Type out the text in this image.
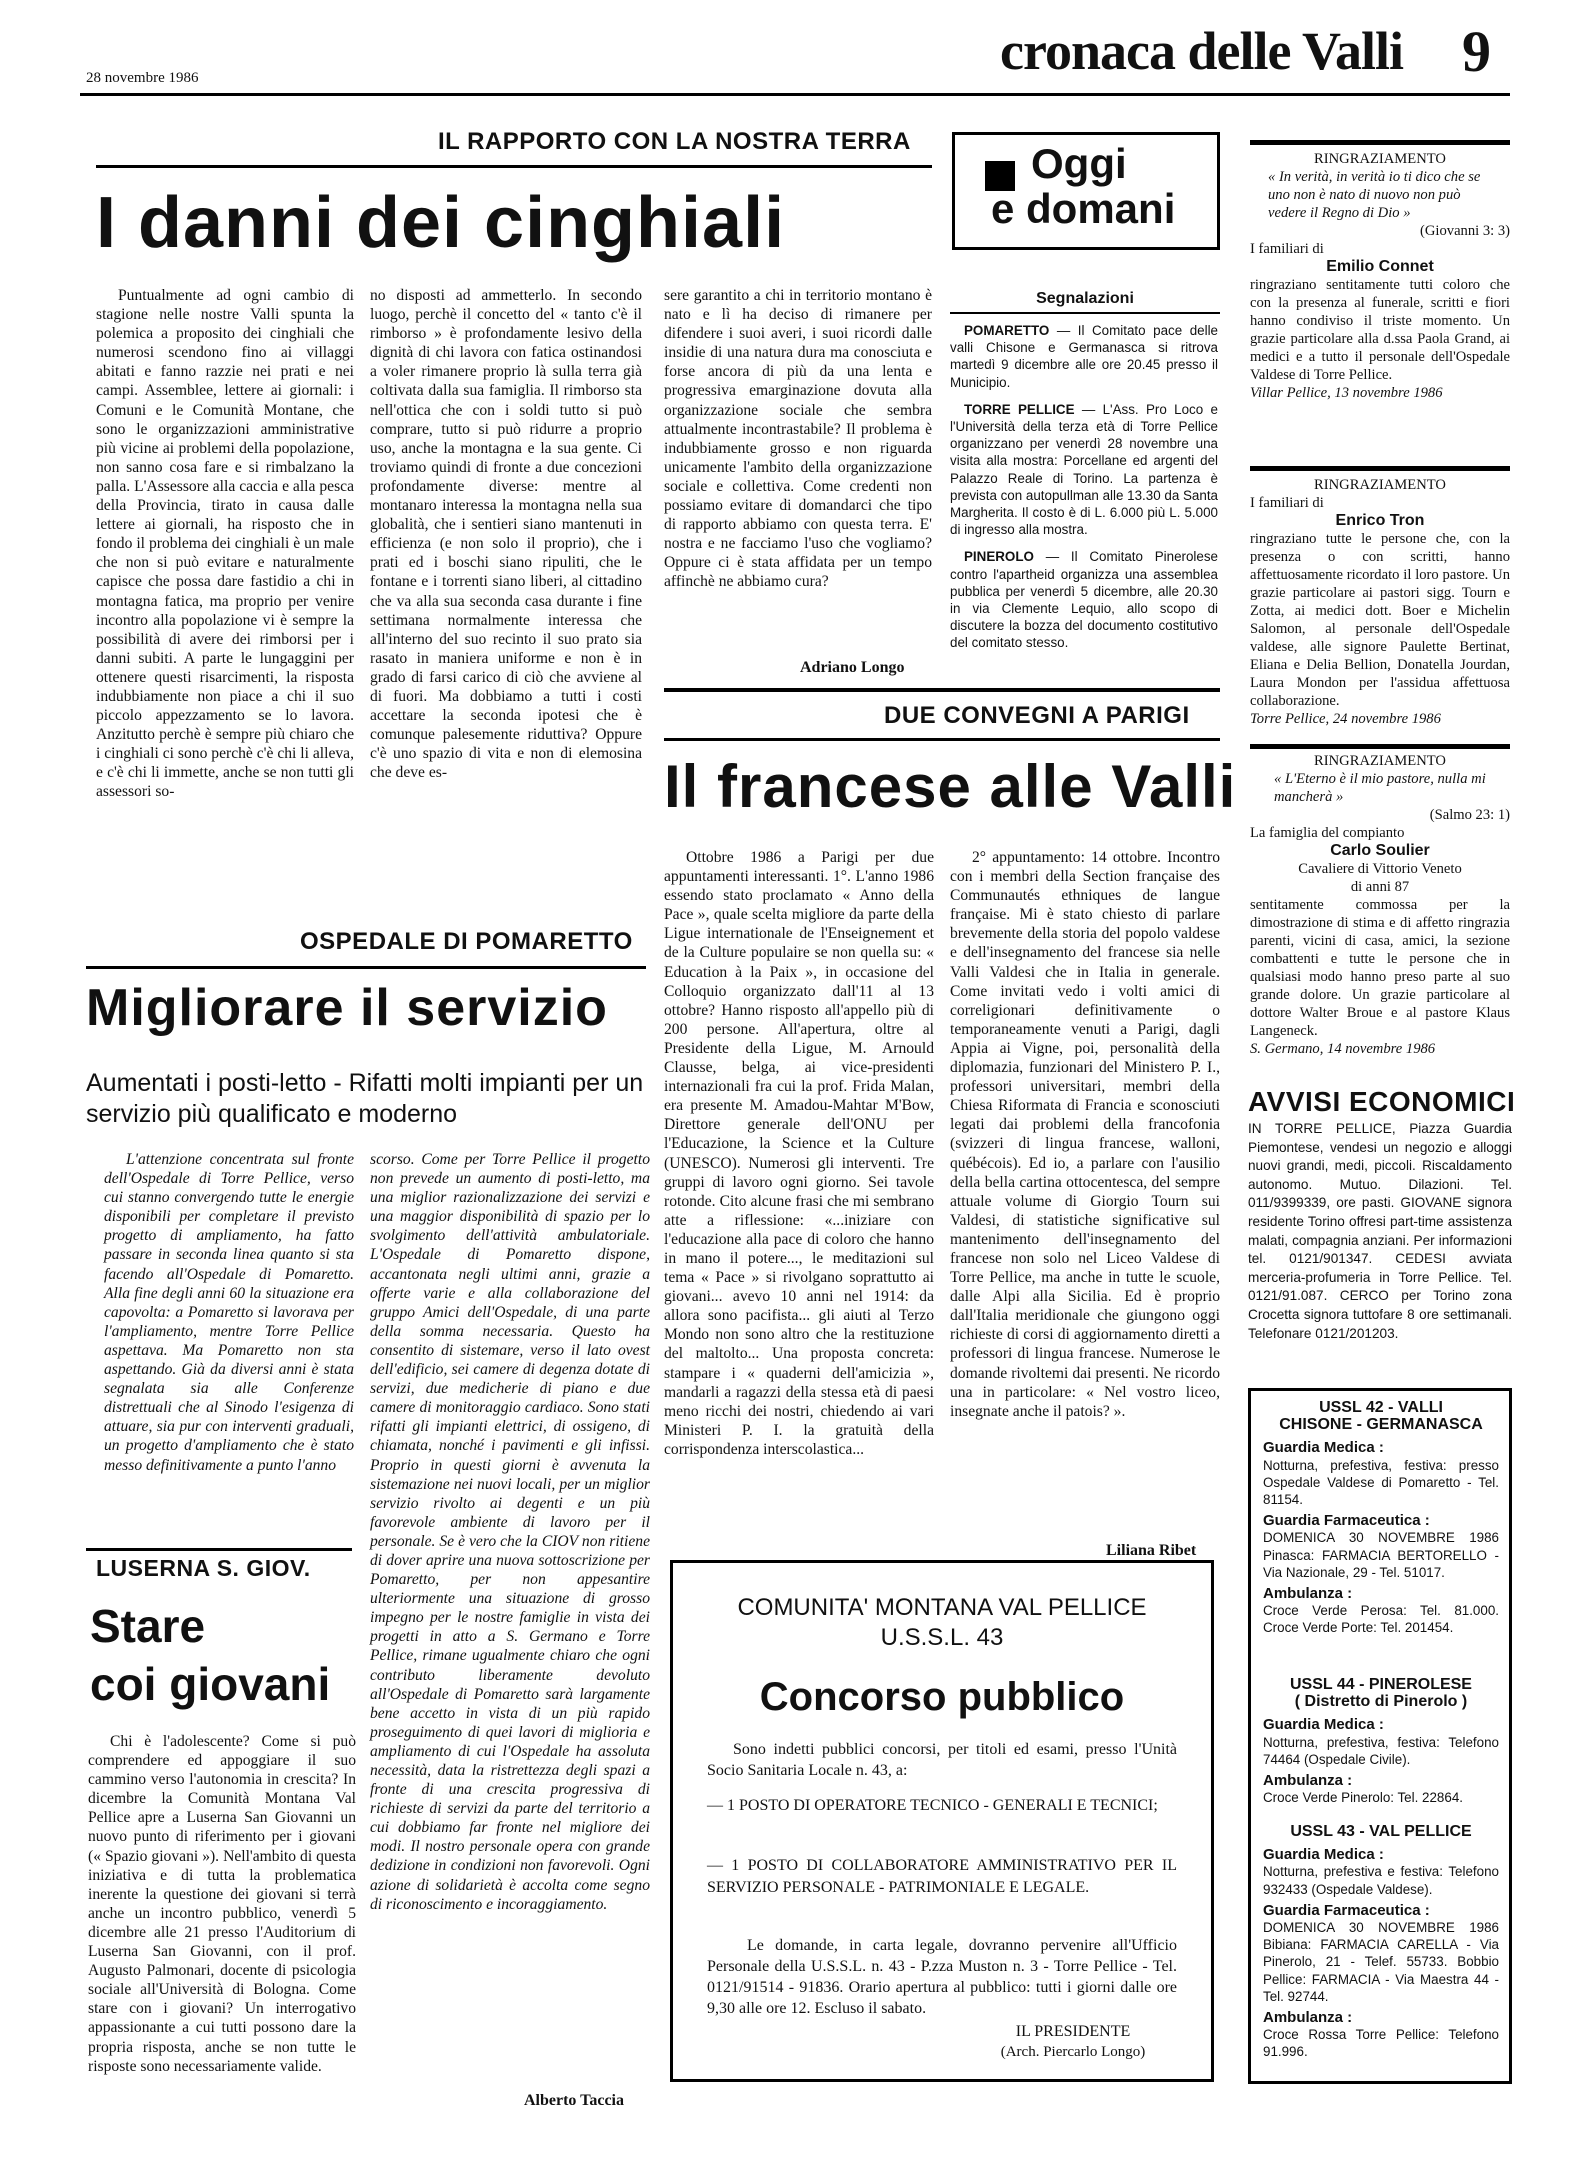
28 novembre 1986	cronaca delle Valli 9
IL RAPPORTO CON LA NOSTRA TERRA
I danni dei cinghiali

Puntualmente ad ogni cambio di stagione nelle nostre Valli spunta la polemica a proposito dei cinghiali che numerosi scendono fino ai villaggi abitati e fanno razzie nei prati e nei campi. Assemblee, lettere ai giornali: i Comuni e le Comunità Montane, che sono le organizzazioni amministrative più vicine ai problemi della popolazione, non sanno cosa fare e si rimbalzano la palla. L'Assessore alla caccia e alla pesca della Provincia, tirato in causa dalle lettere ai giornali, ha risposto che in fondo il problema dei cinghiali è un male che non si può evitare e naturalmente capisce che possa dare fastidio a chi in montagna fatica, ma proprio per venire incontro alla popolazione vi è sempre la possibilità di avere dei rimborsi per i danni subiti. A parte le lungaggini per ottenere questi risarcimenti, la risposta indubbiamente non piace a chi il suo piccolo appezzamento se lo lavora. Anzitutto perchè è sempre più chiaro che i cinghiali ci sono perchè c'è chi li alleva, e c'è chi li immette, anche se non tutti gli assessori so-

no disposti ad ammetterlo. In secondo luogo, perchè il concetto del « tanto c'è il rimborso » è profondamente lesivo della dignità di chi lavora con fatica ostinandosi a voler rimanere proprio là sulla terra già coltivata dalla sua famiglia. Il rimborso sta nell'ottica che con i soldi tutto si può comprare, tutto si può ridurre a proprio uso, anche la montagna e la sua gente. Ci troviamo quindi di fronte a due concezioni profondamente diverse: mentre al montanaro interessa la montagna nella sua globalità, che i sentieri siano mantenuti in efficienza (e non solo il proprio), che i prati ed i boschi siano ripuliti, che le fontane e i torrenti siano liberi, al cittadino che va alla sua seconda casa durante i fine settimana normalmente interessa che all'interno del suo recinto il suo prato sia rasato in maniera uniforme e non è in grado di farsi carico di ciò che avviene al di fuori. Ma dobbiamo a tutti i costi accettare la seconda ipotesi che è comunque palesemente riduttiva? Oppure c'è uno spazio di vita e non di elemosina che deve es-

sere garantito a chi in territorio montano è nato e lì ha deciso di rimanere per difendere i suoi averi, i suoi ricordi dalle insidie di una natura dura ma conosciuta e forse ancora di più da una lenta e progressiva emarginazione dovuta alla organizzazione sociale che sembra attualmente incontrastabile? Il problema è indubbiamente grosso e non riguarda unicamente l'ambito della organizzazione sociale e collettiva. Come credenti non possiamo evitare di domandarci che tipo di rapporto abbiamo con questa terra. E' nostra e ne facciamo l'uso che vogliamo? Oppure ci è stata affidata per un tempo affinchè ne abbiamo cura?

Adriano Longo
Oggi
e domani
Segnalazioni

POMARETTO — Il Comitato pace delle valli Chisone e Germanasca si ritrova martedì 9 dicembre alle ore 20.45 presso il Municipio.

TORRE PELLICE — L'Ass. Pro Loco e l'Università della terza età di Torre Pellice organizzano per venerdì 28 novembre una visita alla mostra: Porcellane ed argenti del Palazzo Reale di Torino. La partenza è prevista con autopullman alle 13.30 da Santa Margherita. Il costo è di L. 6.000 più L. 5.000 di ingresso alla mostra.

PINEROLO — Il Comitato Pinerolese contro l'apartheid organizza una assemblea pubblica per venerdì 5 dicembre, alle 20.30 in via Clemente Lequio, allo scopo di discutere la bozza del documento costitutivo del comitato stesso.

RINGRAZIAMENTO
« In verità, in verità io ti dico che se uno non è nato di nuovo non può vedere il Regno di Dio »
(Giovanni 3: 3)
I familiari di
Emilio Connet

ringraziano sentitamente tutti coloro che con la presenza al funerale, scritti e fiori hanno condiviso il triste momento. Un grazie particolare alla d.ssa Paola Grand, ai medici e a tutto il personale dell'Ospedale Valdese di Torre Pellice.

Villar Pellice, 13 novembre 1986
RINGRAZIAMENTO
I familiari di
Enrico Tron

ringraziano tutte le persone che, con la presenza o con scritti, hanno affettuosamente ricordato il loro pastore. Un grazie particolare ai pastori sigg. Tourn e Zotta, ai medici dott. Boer e Michelin Salomon, al personale dell'Ospedale valdese, alle signore Paulette Bertinat, Eliana e Delia Bellion, Donatella Jourdan, Laura Mondon per l'assidua affettuosa collaborazione.

Torre Pellice, 24 novembre 1986
RINGRAZIAMENTO
« L'Eterno è il mio pastore, nulla mi mancherà »
(Salmo 23: 1)
La famiglia del compianto
Carlo Soulier
Cavaliere di Vittorio Veneto
di anni 87

sentitamente commossa per la dimostrazione di stima e di affetto ringrazia parenti, vicini di casa, amici, la sezione combattenti e tutte le persone che in qualsiasi modo hanno preso parte al suo grande dolore. Un grazie particolare al dottore Walter Broue e al pastore Klaus Langeneck.

S. Germano, 14 novembre 1986
AVVISI ECONOMICI

IN TORRE PELLICE, Piazza Guardia Piemontese, vendesi un negozio e alloggi nuovi grandi, medi, piccoli. Riscaldamento autonomo. Mutuo. Dilazioni. Tel. 011/9399339, ore pasti. GIOVANE signora residente Torino offresi part-time assistenza malati, compagnia anziani. Per informazioni tel. 0121/901347. CEDESI avviata merceria-profumeria in Torre Pellice. Tel. 0121/91.087. CERCO per Torino zona Crocetta signora tuttofare 8 ore settimanali. Telefonare 0121/201203.

USSL 42 - VALLI
CHISONE - GERMANASCA
Guardia Medica :

Notturna, prefestiva, festiva: presso Ospedale Valdese di Pomaretto - Tel. 81154.

Guardia Farmaceutica :

DOMENICA 30 NOVEMBRE 1986 Pinasca: FARMACIA BERTORELLO - Via Nazionale, 29 - Tel. 51017.

Ambulanza :

Croce Verde Perosa: Tel. 81.000. Croce Verde Porte: Tel. 201454.

USSL 44 - PINEROLESE
( Distretto di Pinerolo )
Guardia Medica :

Notturna, prefestiva, festiva: Telefono 74464 (Ospedale Civile).

Ambulanza :

Croce Verde Pinerolo: Tel. 22864.

USSL 43 - VAL PELLICE
Guardia Medica :

Notturna, prefestiva e festiva: Telefono 932433 (Ospedale Valdese).

Guardia Farmaceutica :

DOMENICA 30 NOVEMBRE 1986 Bibiana: FARMACIA CARELLA - Via Pinerolo, 21 - Telef. 55733. Bobbio Pellice: FARMACIA - Via Maestra 44 - Tel. 92744.

Ambulanza :

Croce Rossa Torre Pellice: Telefono 91.996.

OSPEDALE DI POMARETTO
Migliorare il servizio
Aumentati i posti-letto - Rifatti molti impianti per un servizio più qualificato e moderno

L'attenzione concentrata sul fronte dell'Ospedale di Torre Pellice, verso cui stanno convergendo tutte le energie disponibili per completare il previsto progetto di ampliamento, ha fatto passare in seconda linea quanto si sta facendo all'Ospedale di Pomaretto. Alla fine degli anni 60 la situazione era capovolta: a Pomaretto si lavorava per l'ampliamento, mentre Torre Pellice aspettava. Ma Pomaretto non sta aspettando. Già da diversi anni è stata segnalata sia alle Conferenze distrettuali che al Sinodo l'esigenza di attuare, sia pur con interventi graduali, un progetto d'ampliamento che è stato messo definitivamente a punto l'anno

scorso. Come per Torre Pellice il progetto non prevede un aumento di posti-letto, ma una miglior razionalizzazione dei servizi e una maggior disponibilità di spazio per lo svolgimento dell'attività ambulatoriale. L'Ospedale di Pomaretto dispone, accantonata negli ultimi anni, grazie a offerte varie e alla collaborazione del gruppo Amici dell'Ospedale, di una parte della somma necessaria. Questo ha consentito di sistemare, verso il lato ovest dell'edificio, sei camere di degenza dotate di servizi, due medicherie di piano e due camere di monitoraggio cardiaco. Sono stati rifatti gli impianti elettrici, di ossigeno, di chiamata, nonché i pavimenti e gli infissi. Proprio in questi giorni è avvenuta la sistemazione nei nuovi locali, per un miglior servizio rivolto ai degenti e un più favorevole ambiente di lavoro per il personale. Se è vero che la CIOV non ritiene di dover aprire una nuova sottoscrizione per Pomaretto, per non appesantire ulteriormente una situazione di grosso impegno per le nostre famiglie in vista dei progetti in atto a S. Germano e Torre Pellice, rimane ugualmente chiaro che ogni contributo liberamente devoluto all'Ospedale di Pomaretto sarà largamente bene accetto in vista di un più rapido proseguimento di quei lavori di miglioria e ampliamento di cui l'Ospedale ha assoluta necessità, data la ristrettezza degli spazi a fronte di una crescita progressiva di richieste di servizi da parte del territorio a cui dobbiamo far fronte nel migliore dei modi. Il nostro personale opera con grande dedizione in condizioni non favorevoli. Ogni azione di solidarietà è accolta come segno di riconoscimento e incoraggiamento.

Alberto Taccia
LUSERNA S. GIOV.
Stare
coi giovani

Chi è l'adolescente? Come si può comprendere ed appoggiare il suo cammino verso l'autonomia in crescita? In dicembre la Comunità Montana Val Pellice apre a Luserna San Giovanni un nuovo punto di riferimento per i giovani (« Spazio giovani »). Nell'ambito di questa iniziativa e di tutta la problematica inerente la questione dei giovani si terrà anche un incontro pubblico, venerdì 5 dicembre alle 21 presso l'Auditorium di Luserna San Giovanni, con il prof. Augusto Palmonari, docente di psicologia sociale all'Università di Bologna. Come stare con i giovani? Un interrogativo appassionante a cui tutti possono dare la propria risposta, anche se non tutte le risposte sono necessariamente valide.

DUE CONVEGNI A PARIGI
Il francese alle Valli

Ottobre 1986 a Parigi per due appuntamenti interessanti. 1°. L'anno 1986 essendo stato proclamato « Anno della Pace », quale scelta migliore da parte della Ligue internationale de l'Enseignement et de la Culture populaire se non quella su: « Education à la Paix », in occasione del Colloquio organizzato dall'11 al 13 ottobre? Hanno risposto all'appello più di 200 persone. All'apertura, oltre al Presidente della Ligue, M. Arnould Clausse, belga, ai vice-presidenti internazionali fra cui la prof. Frida Malan, era presente M. Amadou-Mahtar M'Bow, Direttore generale dell'ONU per l'Educazione, la Science et la Culture (UNESCO). Numerosi gli interventi. Tre gruppi di lavoro ogni giorno. Sei tavole rotonde. Cito alcune frasi che mi sembrano atte a riflessione: «...iniziare con l'educazione alla pace di coloro che hanno in mano il potere..., le meditazioni sul tema « Pace » si rivolgano soprattutto ai giovani... avevo 10 anni nel 1914: da allora sono pacifista... gli aiuti al Terzo Mondo non sono altro che la restituzione del maltolto... Una proposta concreta: stampare i « quaderni dell'amicizia », mandarli a ragazzi della stessa età di paesi meno ricchi dei nostri, chiedendo ai vari Ministeri P. I. la gratuità della corrispondenza interscolastica...

2° appuntamento: 14 ottobre. Incontro con i membri della Section française des Communautés ethniques de langue française. Mi è stato chiesto di parlare brevemente della storia del popolo valdese e dell'insegnamento del francese sia nelle Valli Valdesi che in Italia in generale. Come invitati vedo i volti amici di correligionari definitivamente o temporaneamente venuti a Parigi, dagli Appia ai Vigne, poi, personalità della diplomazia, funzionari del Ministero P. I., professori universitari, membri della Chiesa Riformata di Francia e sconosciuti legati dai problemi della francofonia (svizzeri di lingua francese, walloni, québécois). Ed io, a parlare con l'ausilio della bella cartina ottocentesca, del sempre attuale volume di Giorgio Tourn sui Valdesi, di statistiche significative sul mantenimento dell'insegnamento del francese non solo nel Liceo Valdese di Torre Pellice, ma anche in tutte le scuole, dalle Alpi alla Sicilia. Ed è proprio dall'Italia meridionale che giungono oggi richieste di corsi di aggiornamento diretti a professori di lingua francese. Numerose le domande rivoltemi dai presenti. Ne ricordo una in particolare: « Nel vostro liceo, insegnate anche il patois? ».

Liliana Ribet
COMUNITA' MONTANA VAL PELLICE
U.S.S.L. 43
Concorso pubblico
Sono indetti pubblici concorsi, per titoli ed esami, presso l'Unità Socio Sanitaria Locale n. 43, a:
— 1 POSTO DI OPERATORE TECNICO - GENERALI E TECNICI;
— 1 POSTO DI COLLABORATORE AMMINISTRATIVO PER IL SERVIZIO PERSONALE - PATRIMONIALE E LEGALE.
Le domande, in carta legale, dovranno pervenire all'Ufficio Personale della U.S.S.L. n. 43 - P.zza Muston n. 3 - Torre Pellice - Tel. 0121/91514 - 91836. Orario apertura al pubblico: tutti i giorni dalle ore 9,30 alle ore 12. Escluso il sabato.
IL PRESIDENTE
(Arch. Piercarlo Longo)
